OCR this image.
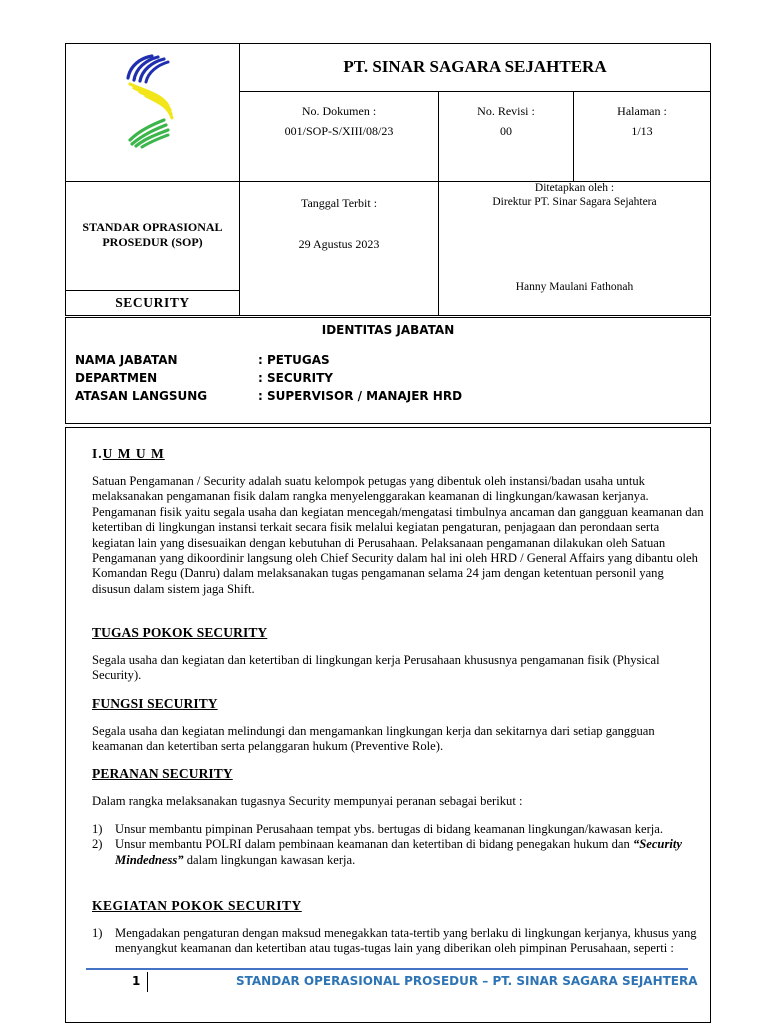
PT. SINAR SAGARA SEJAHTERA
No. Dokumen :
001/SOP-S/XIII/08/23
No. Revisi :
00
Halaman :
1/13
STANDAR OPRASIONAL
PROSEDUR (SOP)
Tanggal Terbit :
29 Agustus 2023
Ditetapkan oleh :
Direktur PT. Sinar Sagara Sejahtera
Hanny Maulani Fathonah
SECURITY
IDENTITAS JABATAN
NAMA JABATAN	: PETUGAS
DEPARTMEN	: SECURITY
ATASAN LANGSUNG	: SUPERVISOR / MANAJER HRD
I.U M U M
Satuan Pengamanan / Security adalah suatu kelompok petugas yang dibentuk oleh instansi/badan usaha untuk melaksanakan pengamanan fisik dalam rangka menyelenggarakan keamanan di lingkungan/kawasan kerjanya. Pengamanan fisik yaitu segala usaha dan kegiatan mencegah/mengatasi timbulnya ancaman dan gangguan keamanan dan ketertiban di lingkungan instansi terkait secara fisik melalui kegiatan pengaturan, penjagaan dan perondaan serta kegiatan lain yang disesuaikan dengan kebutuhan di Perusahaan. Pelaksanaan pengamanan dilakukan oleh Satuan Pengamanan yang dikoordinir langsung oleh Chief Security dalam hal ini oleh HRD / General Affairs yang dibantu oleh Komandan Regu (Danru) dalam melaksanakan tugas pengamanan selama 24 jam dengan ketentuan personil yang disusun dalam sistem jaga Shift.
TUGAS POKOK SECURITY
Segala usaha dan kegiatan dan ketertiban di lingkungan kerja Perusahaan khususnya pengamanan fisik (Physical Security).
FUNGSI SECURITY
Segala usaha dan kegiatan melindungi dan mengamankan lingkungan kerja dan sekitarnya dari setiap gangguan keamanan dan ketertiban serta pelanggaran hukum (Preventive Role).
PERANAN SECURITY
Dalam rangka melaksanakan tugasnya Security mempunyai peranan sebagai berikut :
1) Unsur membantu pimpinan Perusahaan tempat ybs. bertugas di bidang keamanan lingkungan/kawasan kerja.
2) Unsur membantu POLRI dalam pembinaan keamanan dan ketertiban di bidang penegakan hukum dan “Security Mindedness” dalam lingkungan kawasan kerja.
KEGIATAN POKOK SECURITY
1) Mengadakan pengaturan dengan maksud menegakkan tata-tertib yang berlaku di lingkungan kerjanya, khusus yang menyangkut keamanan dan ketertiban atau tugas-tugas lain yang diberikan oleh pimpinan Perusahaan, seperti :
1	STANDAR OPERASIONAL PROSEDUR – PT. SINAR SAGARA SEJAHTERA
